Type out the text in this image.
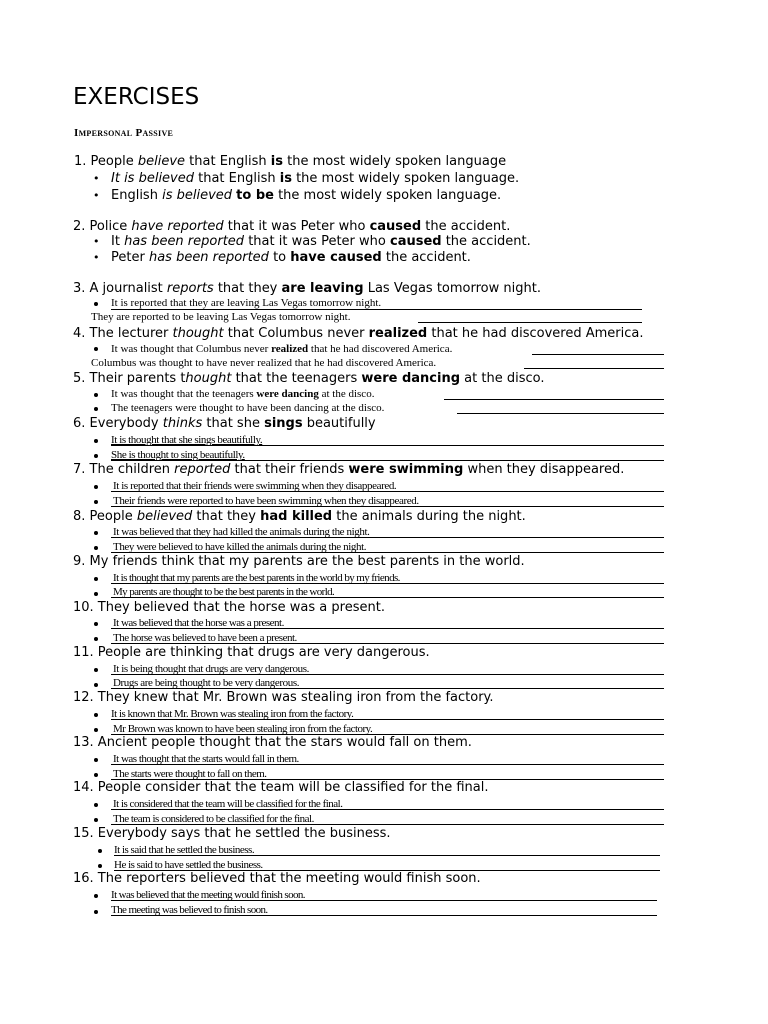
EXERCISES
Impersonal Passive
1. People believe that English is the most widely spoken language
• It is believed that English is the most widely spoken language.
• English is believed to be the most widely spoken language.
2. Police have reported that it was Peter who caused the accident.
• It has been reported that it was Peter who caused the accident.
• Peter has been reported to have caused the accident.
3. A journalist reports that they are leaving Las Vegas tomorrow night.
It is reported that they are leaving Las Vegas tomorrow night.
They are reported to be leaving Las Vegas tomorrow night.
4. The lecturer thought that Columbus never realized that he had discovered America.
It was thought that Columbus never realized that he had discovered America.
Columbus was thought to have never realized that he had discovered America.
5. Their parents thought that the teenagers were dancing at the disco.
It was thought that the teenagers were dancing at the disco.
The teenagers were thought to have been dancing at the disco.
6. Everybody thinks that she sings beautifully
It is thought that she sings beautifully.
She is thought to sing beautifully.
7. The children reported that their friends were swimming when they disappeared.
It is reported that their friends were swimming when they disappeared.
Their friends were reported to have been swimming when they disappeared.
8. People believed that they had killed the animals during the night.
It was believed that they had killed the animals during the night.
They were believed to have killed the animals during the night.
9. My friends think that my parents are the best parents in the world.
It is thought that my parents are the best parents in the world by my friends.
My parents are thought to be the best parents in the world.
10. They believed that the horse was a present.
It was believed that the horse was a present.
The horse was believed to have been a present.
11. People are thinking that drugs are very dangerous.
It is being thought that drugs are very dangerous.
Drugs are being thought to be very dangerous.
12. They knew that Mr. Brown was stealing iron from the factory.
It is known that Mr. Brown was stealing iron from the factory.
Mr Brown was known to have been stealing iron from the factory.
13. Ancient people thought that the stars would fall on them.
It was thought that the starts would fall in them.
The starts were thought to fall on them.
14. People consider that the team will be classified for the final.
It is considered that the team will be classified for the final.
The team is considered to be classified for the final.
15. Everybody says that he settled the business.
It is said that he settled the business.
He is said to have settled the business.
16. The reporters believed that the meeting would finish soon.
It was believed that the meeting would finish soon.
The meeting was believed to finish soon.
